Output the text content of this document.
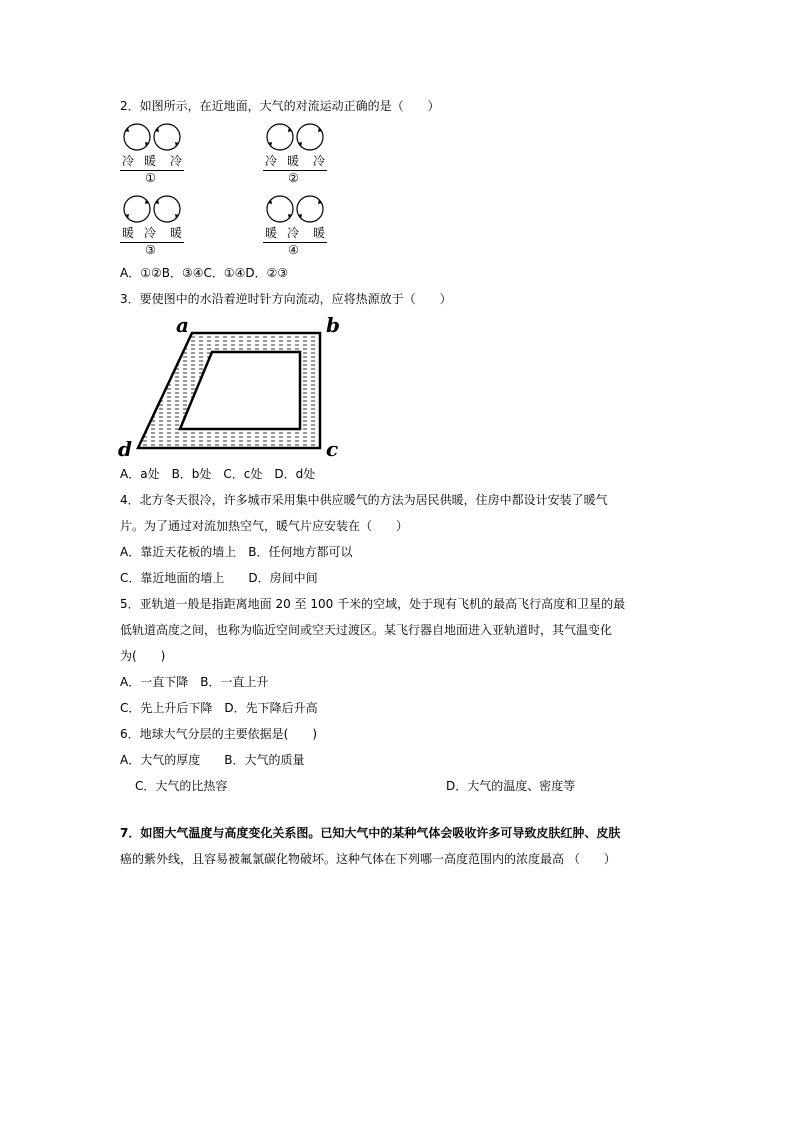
2．如图所示，在近地面，大气的对流运动正确的是（　　）
冷 暖 冷
①
冷 暖 冷
②
暖 冷 暖
③
暖 冷 暖
④
A．①②B．③④C．①④D．②③
3．要使图中的水沿着逆时针方向流动，应将热源放于（　　）
a	b
c
d
A．a处　B．b处　C．c处　D．d处
4．北方冬天很冷，许多城市采用集中供应暖气的方法为居民供暖，住房中都设计安装了暖气
片。为了通过对流加热空气，暖气片应安装在（　　）
A．靠近天花板的墙上　B．任何地方都可以
C．靠近地面的墙上　　D．房间中间
5．亚轨道一般是指距离地面 20 至 100 千米的空域，处于现有飞机的最高飞行高度和卫星的最
低轨道高度之间，也称为临近空间或空天过渡区。某飞行器自地面进入亚轨道时，其气温变化
为(　　)
A．一直下降　B．一直上升
C．先上升后下降　D．先下降后升高
6．地球大气分层的主要依据是(　　)
A．大气的厚度　　B．大气的质量
C．大气的比热容	D．大气的温度、密度等
7．如图大气温度与高度变化关系图。已知大气中的某种气体会吸收许多可导致皮肤红肿、皮肤
癌的紫外线，且容易被氟氯碳化物破坏。这种气体在下列哪一高度范围内的浓度最高 （　　）
